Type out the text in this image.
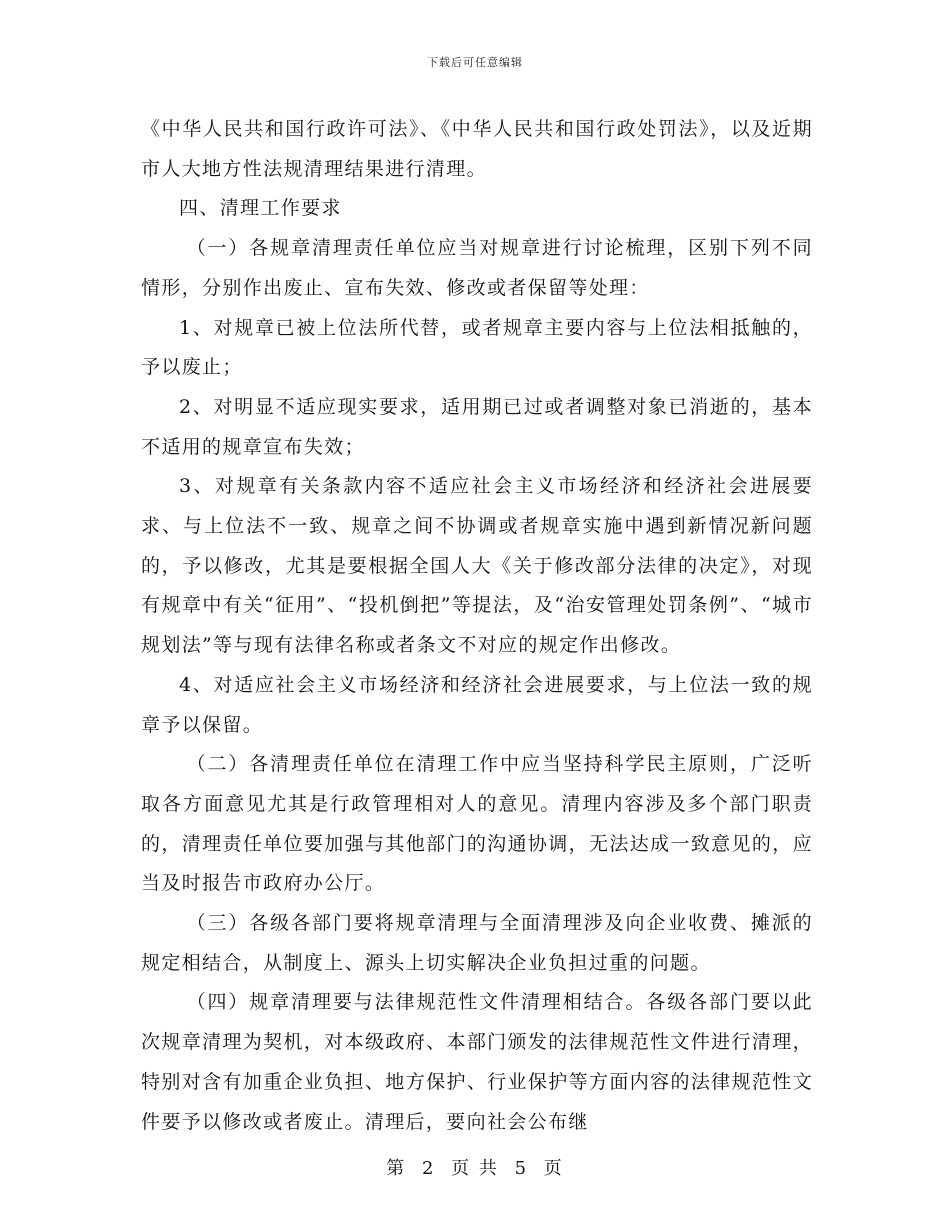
下载后可任意编辑

《中华人民共和国行政许可法》、《中华人民共和国行政处罚法》，以及近期市人大地方性法规清理结果进行清理。

四、清理工作要求

（一）各规章清理责任单位应当对规章进行讨论梳理，区别下列不同情形，分别作出废止、宣布失效、修改或者保留等处理：

1、对规章已被上位法所代替，或者规章主要内容与上位法相抵触的，予以废止；

2、对明显不适应现实要求，适用期已过或者调整对象已消逝的，基本不适用的规章宣布失效；

3、对规章有关条款内容不适应社会主义市场经济和经济社会进展要求、与上位法不一致、规章之间不协调或者规章实施中遇到新情况新问题的，予以修改，尤其是要根据全国人大《关于修改部分法律的决定》，对现有规章中有关“征用”、“投机倒把”等提法，及“治安管理处罚条例”、“城市规划法”等与现有法律名称或者条文不对应的规定作出修改。

4、对适应社会主义市场经济和经济社会进展要求，与上位法一致的规章予以保留。

（二）各清理责任单位在清理工作中应当坚持科学民主原则，广泛听取各方面意见尤其是行政管理相对人的意见。清理内容涉及多个部门职责的，清理责任单位要加强与其他部门的沟通协调，无法达成一致意见的，应当及时报告市政府办公厅。

（三）各级各部门要将规章清理与全面清理涉及向企业收费、摊派的规定相结合，从制度上、源头上切实解决企业负担过重的问题。

（四）规章清理要与法律规范性文件清理相结合。各级各部门要以此次规章清理为契机，对本级政府、本部门颁发的法律规范性文件进行清理，特别对含有加重企业负担、地方保护、行业保护等方面内容的法律规范性文件要予以修改或者废止。清理后，要向社会公布继

第 2 页 共 5 页
